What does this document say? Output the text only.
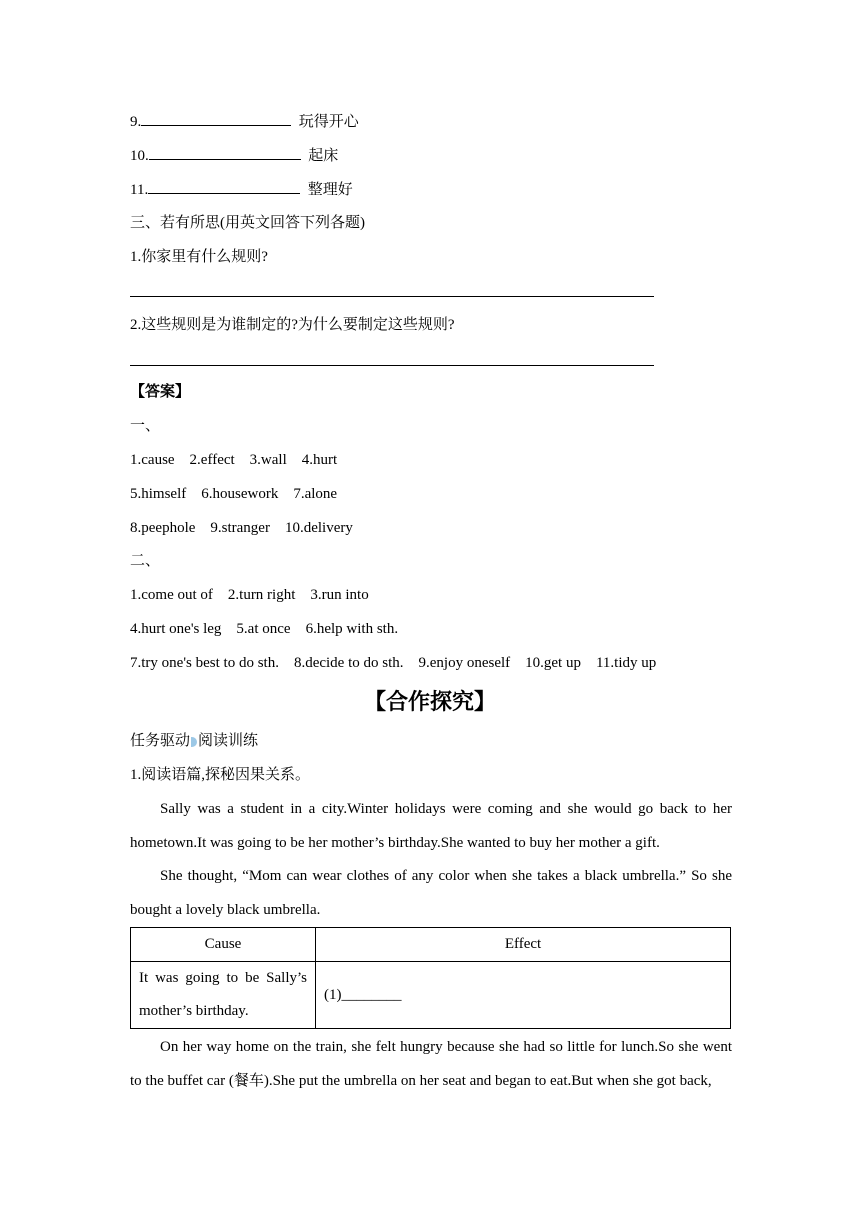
9.	玩得开心
10.	起床
11.	整理好
三、若有所思(用英文回答下列各题)
1.你家里有什么规则?
2.这些规则是为谁制定的?为什么要制定这些规则?
【答案】
一、
1.cause    2.effect    3.wall    4.hurt
5.himself    6.housework    7.alone
8.peephole    9.stranger    10.delivery
二、
1.come out of    2.turn right    3.run into
4.hurt one's leg    5.at once    6.help with sth.
7.try one's best to do sth.    8.decide to do sth.    9.enjoy oneself    10.get up    11.tidy up
【合作探究】
任务驱动 阅读训练
1.阅读语篇,探秘因果关系。
Sally was a student in a city.Winter holidays were coming and she would go back to her hometown.It was going to be her mother’s birthday.She wanted to buy her mother a gift.
She thought, “Mom can wear clothes of any color when she takes a black umbrella.” So she bought a lovely black umbrella.
Cause	Effect
It was going to be Sally’s mother’s birthday.	(1)________
On her way home on the train, she felt hungry because she had so little for lunch.So she went to the buffet car (餐车).She put the umbrella on her seat and began to eat.But when she got back,
